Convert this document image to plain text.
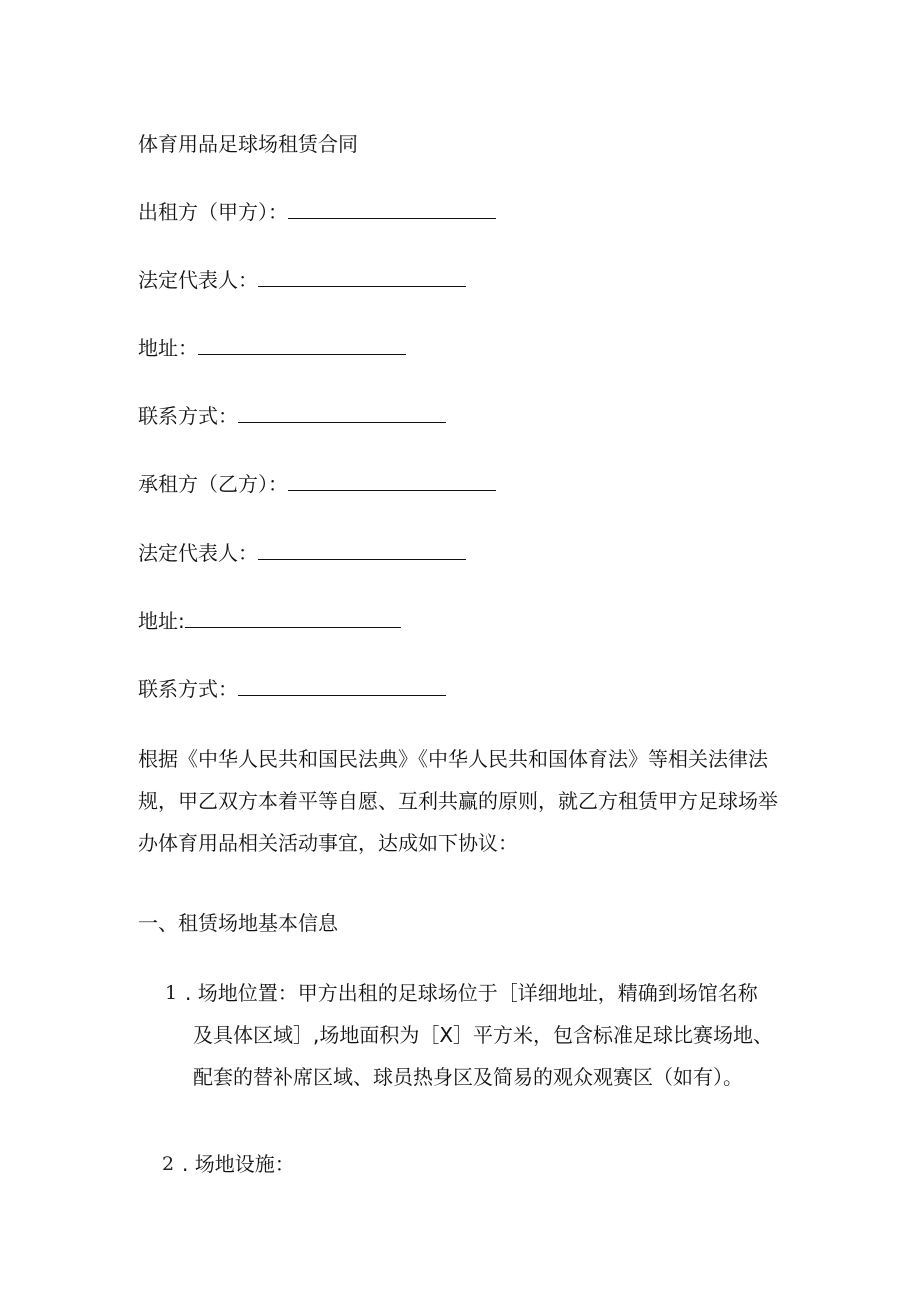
体育用品足球场租赁合同
出租方（甲方）：
法定代表人：
地址：
联系方式：
承租方（乙方）：
法定代表人：
地址:
联系方式：

根据《中华人民共和国民法典》《中华人民共和国体育法》等相关法律法

规，甲乙双方本着平等自愿、互利共赢的原则，就乙方租赁甲方足球场举

办体育用品相关活动事宜，达成如下协议：

一、租赁场地基本信息
1 . 场地位置：甲方出租的足球场位于［详细地址，精确到场馆名称

及具体区域］,场地面积为［X］平方米，包含标准足球比赛场地、

配套的替补席区域、球员热身区及简易的观众观赛区（如有）。

2 . 场地设施：
